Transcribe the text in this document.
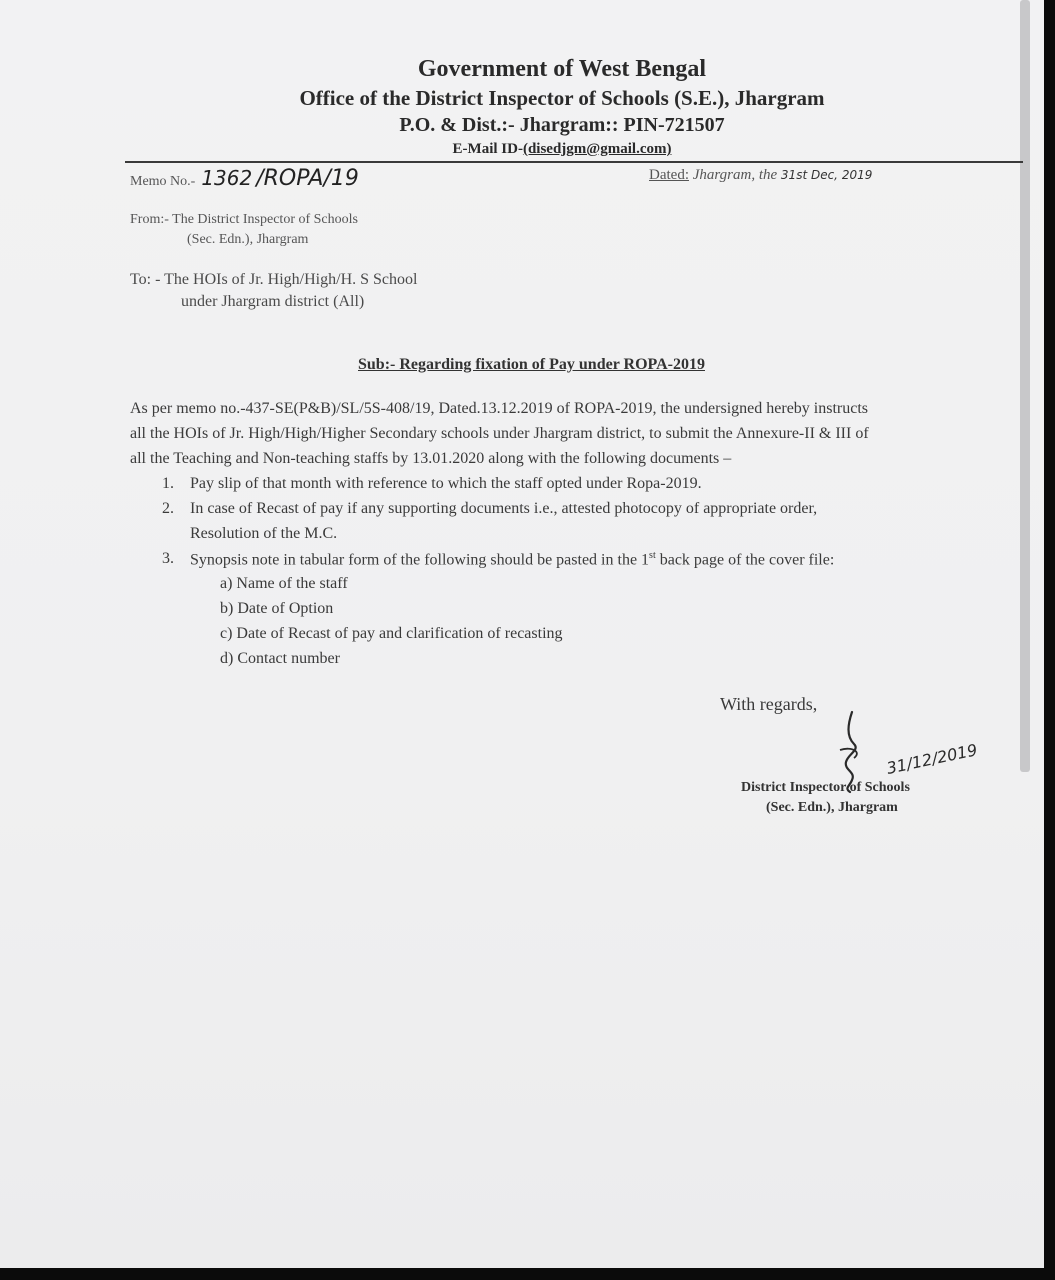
Government of West Bengal
Office of the District Inspector of Schools (S.E.), Jhargram
P.O. & Dist.:- Jhargram:: PIN-721507
E-Mail ID-(disedjgm@gmail.com)
Memo No.- 1362 /ROPA/19	Dated: Jhargram, the 31st Dec, 2019
From:- The District Inspector of Schools
(Sec. Edn.), Jhargram
To: - The HOIs of Jr. High/High/H. S School
under Jhargram district (All)
Sub:- Regarding fixation of Pay under ROPA-2019
As per memo no.-437-SE(P&B)/SL/5S-408/19, Dated.13.12.2019 of ROPA-2019, the undersigned hereby instructs
all the HOIs of Jr. High/High/Higher Secondary schools under Jhargram district, to submit the Annexure-II & III of
all the Teaching and Non-teaching staffs by 13.01.2020 along with the following documents –
1. Pay slip of that month with reference to which the staff opted under Ropa-2019.
2. In case of Recast of pay if any supporting documents i.e., attested photocopy of appropriate order,
Resolution of the M.C.
3. Synopsis note in tabular form of the following should be pasted in the 1st back page of the cover file:
a) Name of the staff
b) Date of Option
c) Date of Recast of pay and clarification of recasting
d) Contact number
With regards,
31/12/2019
District Inspector of Schools
(Sec. Edn.), Jhargram
